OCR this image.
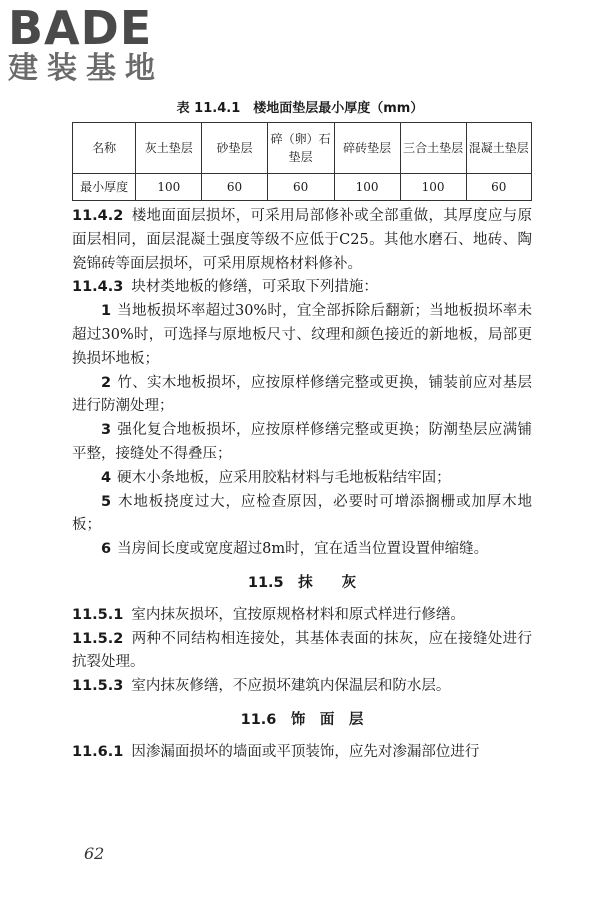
BADE
建装基地
表 11.4.1　楼地面垫层最小厚度（mm）
名称	灰土垫层	砂垫层	碎（卵）石垫层	碎砖垫层	三合土垫层	混凝土垫层
最小厚度	100	60	60	100	100	60

11.4.2 楼地面面层损坏，可采用局部修补或全部重做，其厚度应与原面层相同，面层混凝土强度等级不应低于C25。其他水磨石、地砖、陶瓷锦砖等面层损坏，可采用原规格材料修补。

11.4.3 块材类地板的修缮，可采取下列措施：

1 当地板损坏率超过30%时，宜全部拆除后翻新；当地板损坏率未超过30%时，可选择与原地板尺寸、纹理和颜色接近的新地板，局部更换损坏地板；

2 竹、实木地板损坏，应按原样修缮完整或更换，铺装前应对基层进行防潮处理；

3 强化复合地板损坏，应按原样修缮完整或更换；防潮垫层应满铺平整，接缝处不得叠压；

4 硬木小条地板，应采用胶粘材料与毛地板粘结牢固；

5 木地板挠度过大，应检查原因，必要时可增添搁栅或加厚木地板；

6 当房间长度或宽度超过8m时，宜在适当位置设置伸缩缝。

11.5　抹　　灰

11.5.1 室内抹灰损坏，宜按原规格材料和原式样进行修缮。

11.5.2 两种不同结构相连接处，其基体表面的抹灰，应在接缝处进行抗裂处理。

11.5.3 室内抹灰修缮，不应损坏建筑内保温层和防水层。

11.6　饰　面　层

11.6.1 因渗漏面损坏的墙面或平顶装饰，应先对渗漏部位进行

62
